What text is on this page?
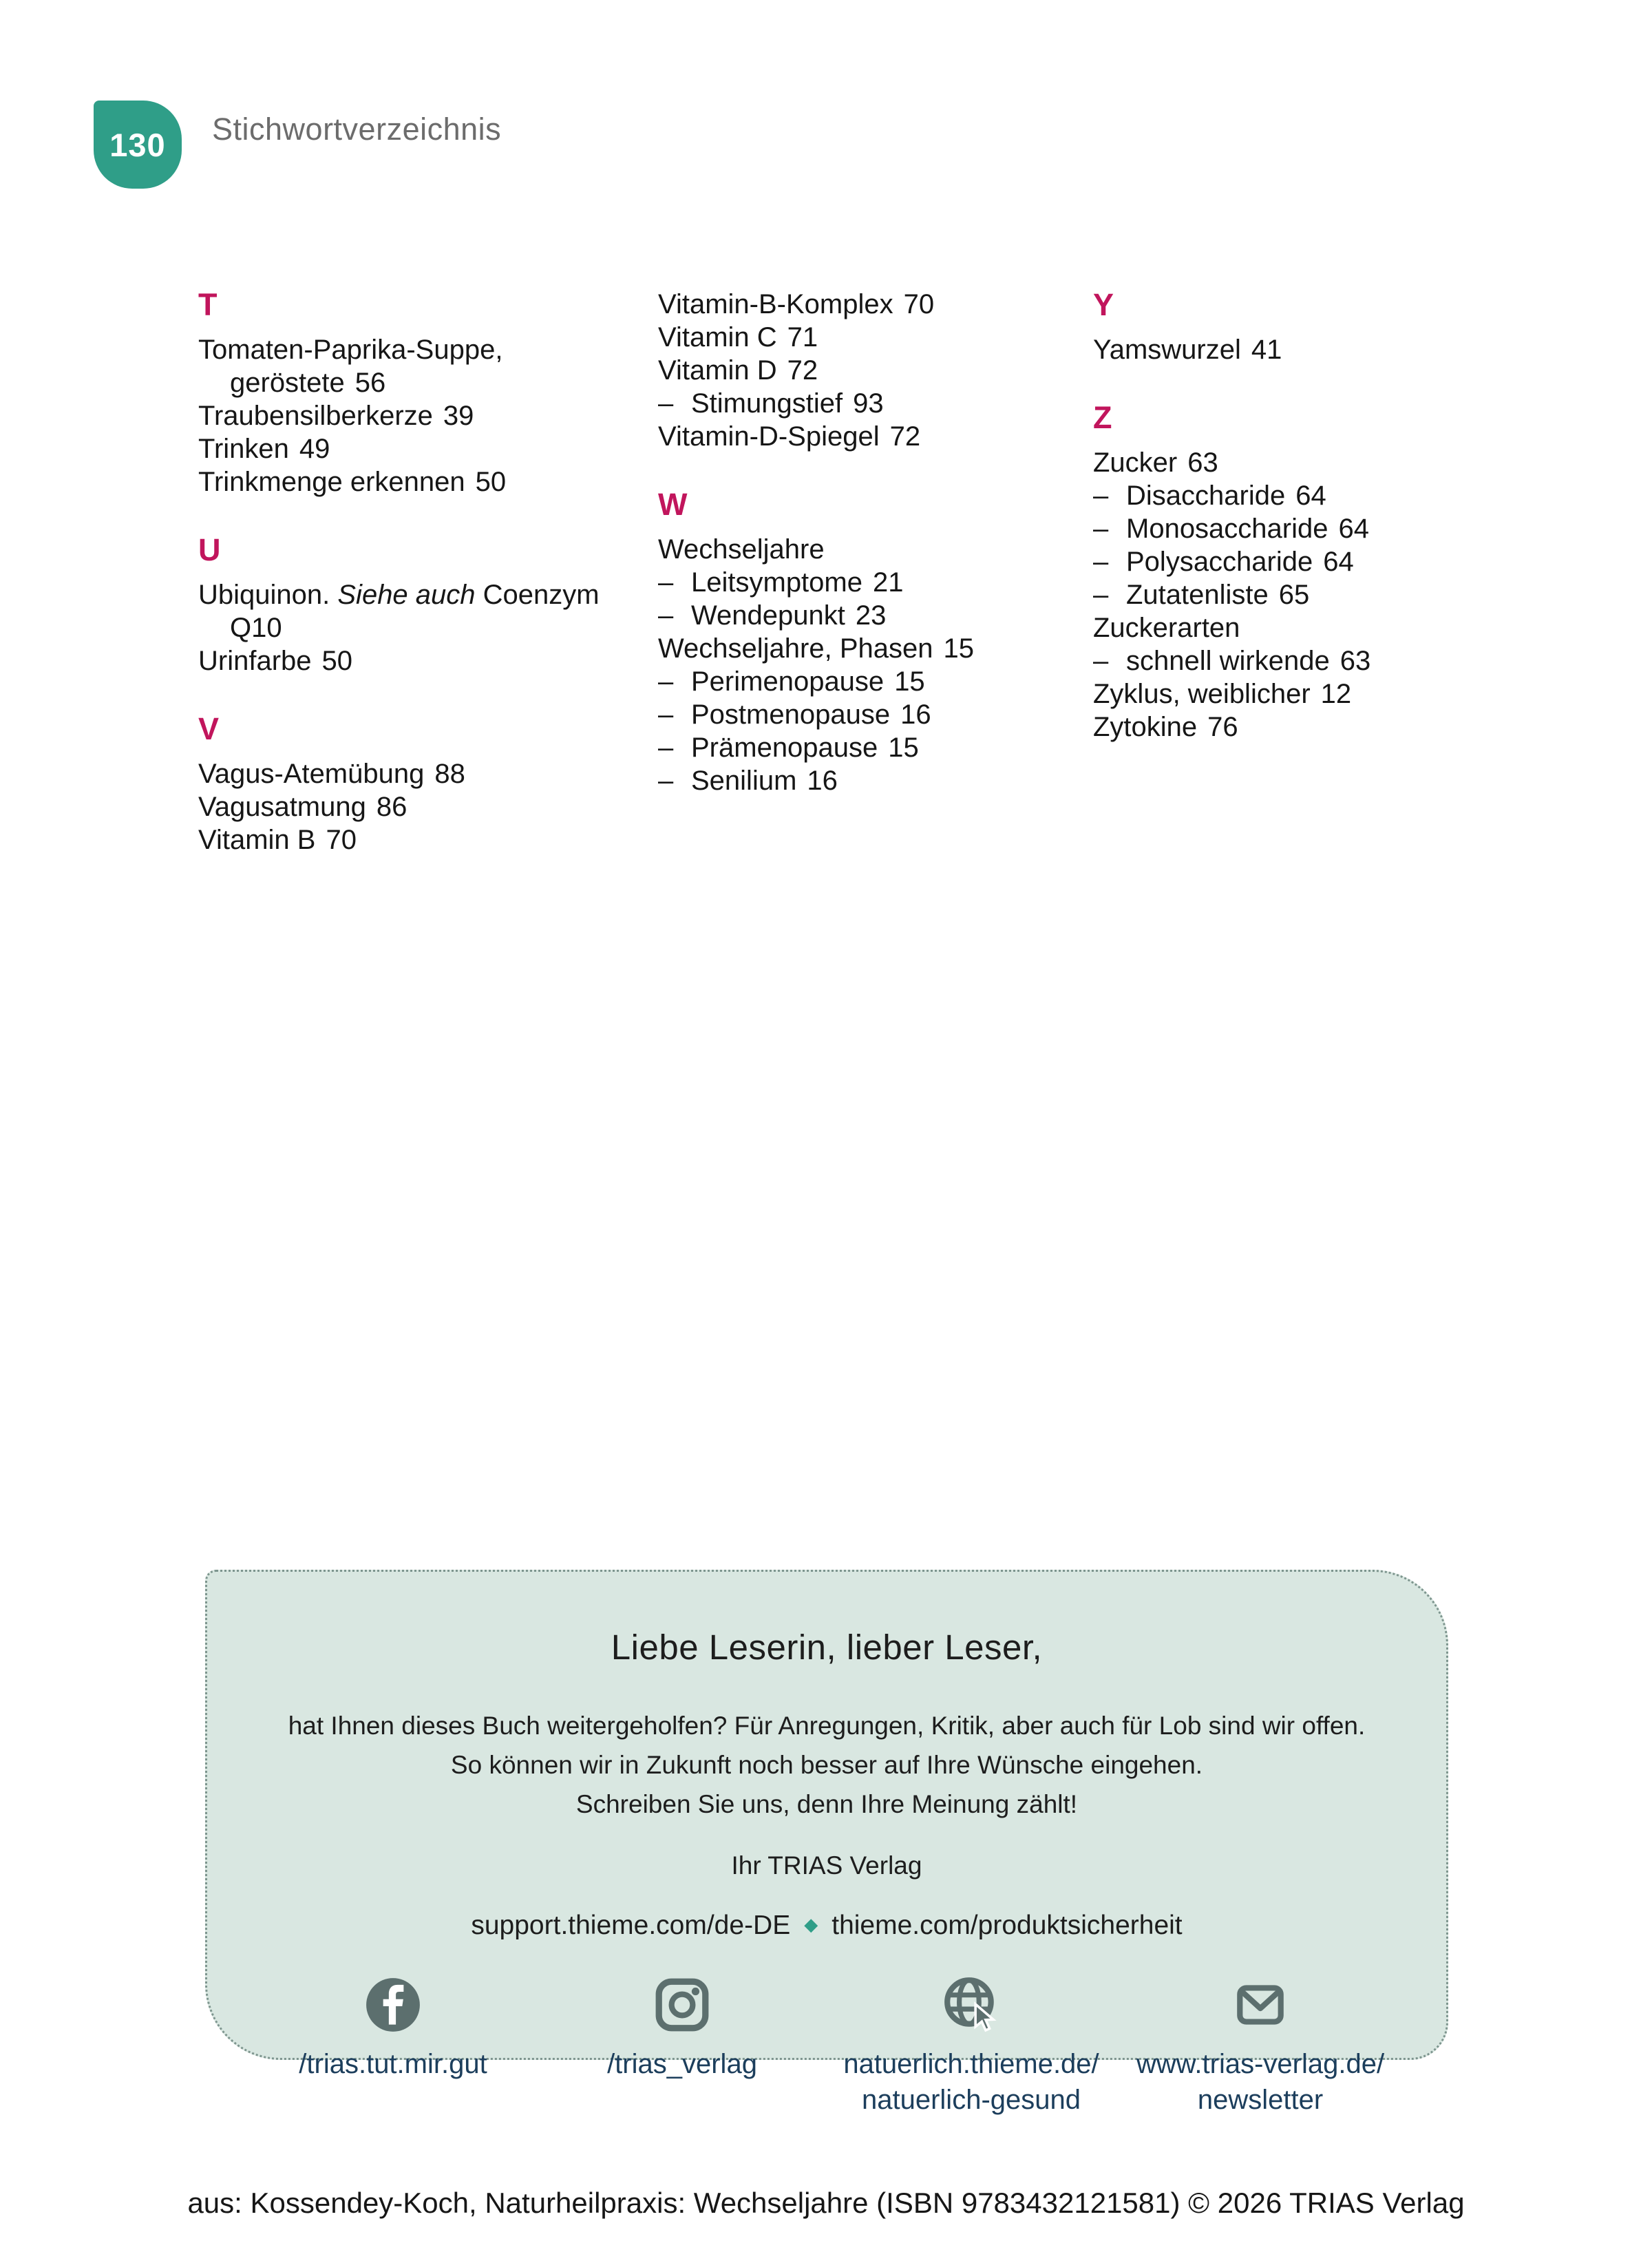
130 Stichwortverzeichnis
T
Tomaten-Paprika-Suppe,
geröstete 56
Traubensilberkerze 39
Trinken 49
Trinkmenge erkennen 50
U
Ubiquinon. Siehe auch Coenzym
Q10
Urinfarbe 50
V
Vagus-Atemübung 88
Vagusatmung 86
Vitamin B 70
Vitamin-B-Komplex 70
Vitamin C 71
Vitamin D 72
– Stimungstief 93
Vitamin-D-Spiegel 72
W
Wechseljahre
– Leitsymptome 21
– Wendepunkt 23
Wechseljahre, Phasen 15
– Perimenopause 15
– Postmenopause 16
– Prämenopause 15
– Senilium 16
Y
Yamswurzel 41
Z
Zucker 63
– Disaccharide 64
– Monosaccharide 64
– Polysaccharide 64
– Zutatenliste 65
Zuckerarten
– schnell wirkende 63
Zyklus, weiblicher 12
Zytokine 76
Liebe Leserin, lieber Leser,

hat Ihnen dieses Buch weitergeholfen? Für Anregungen, Kritik, aber auch für Lob sind wir offen.

So können wir in Zukunft noch besser auf Ihre Wünsche eingehen.

Schreiben Sie uns, denn Ihre Meinung zählt!

Ihr TRIAS Verlag

support.thieme.com/de-DE ◆ thieme.com/produktsicherheit

/trias.tut.mir.gut	/trias_verlag	natuerlich.thieme.de/
natuerlich-gesund
www.trias-verlag.de/
newsletter

aus: Kossendey-Koch, Naturheilpraxis: Wechseljahre (ISBN 9783432121581) © 2026 TRIAS Verlag
